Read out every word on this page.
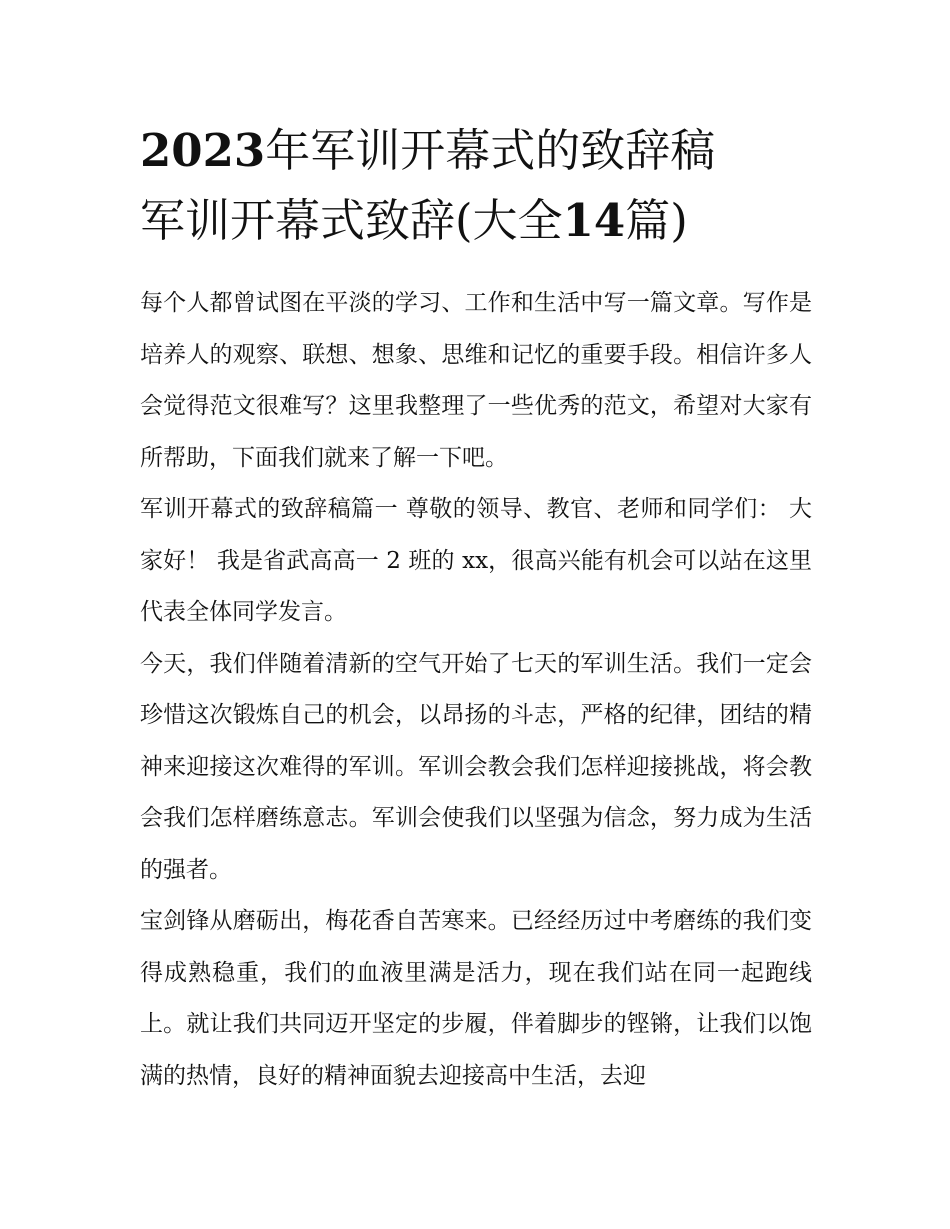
2023年军训开幕式的致辞稿
军训开幕式致辞(大全14篇)

每个人都曾试图在平淡的学习、工作和生活中写一篇文章。写作是培养人的观察、联想、想象、思维和记忆的重要手段。相信许多人会觉得范文很难写？这里我整理了一些优秀的范文，希望对大家有所帮助，下面我们就来了解一下吧。

军训开幕式的致辞稿篇一 尊敬的领导、教官、老师和同学们： 大家好！ 我是省武高高一 2 班的 xx，很高兴能有机会可以站在这里代表全体同学发言。

今天，我们伴随着清新的空气开始了七天的军训生活。我们一定会珍惜这次锻炼自己的机会，以昂扬的斗志，严格的纪律，团结的精神来迎接这次难得的军训。军训会教会我们怎样迎接挑战，将会教会我们怎样磨练意志。军训会使我们以坚强为信念，努力成为生活的强者。

宝剑锋从磨砺出，梅花香自苦寒来。已经经历过中考磨练的我们变得成熟稳重，我们的血液里满是活力，现在我们站在同一起跑线上。就让我们共同迈开坚定的步履，伴着脚步的铿锵，让我们以饱满的热情，良好的精神面貌去迎接高中生活，去迎
